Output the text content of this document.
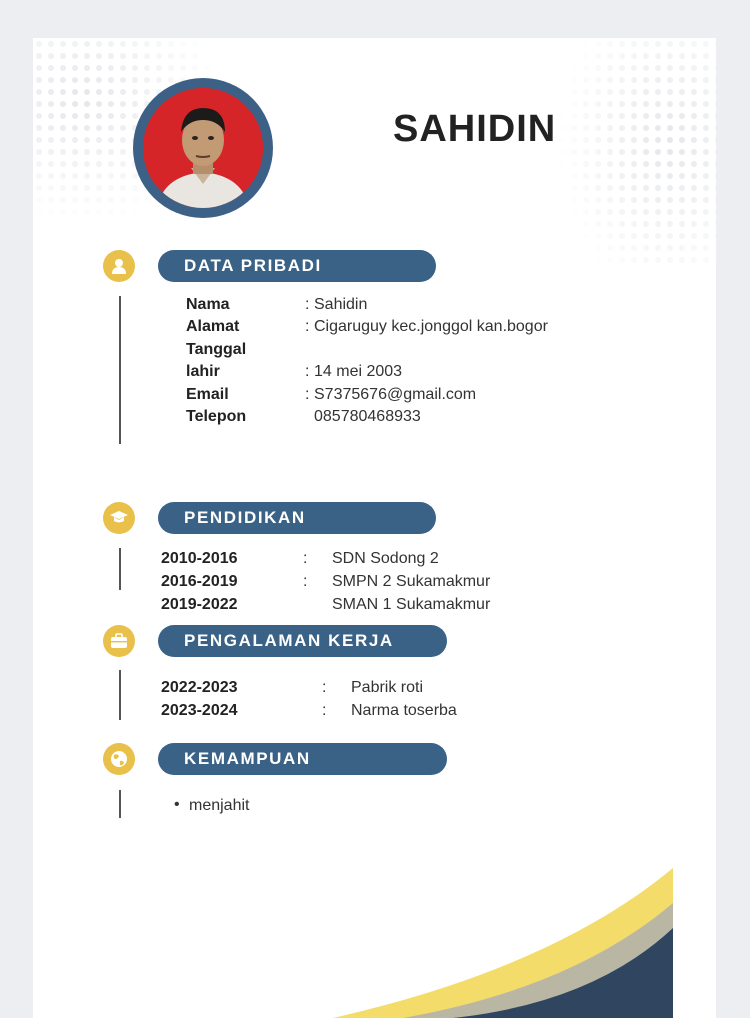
SAHIDIN
DATA PRIBADI
Nama	: Sahidin
Alamat	: Cigaruguy kec.jonggol kan.bogor
Tanggal
lahir	: 14 mei 2003
Email	: S7375676@gmail.com
Telepon	085780468933
PENDIDIKAN
2010-2016	: SDN Sodong 2
2016-2019	: SMPN 2 Sukamakmur
2019-2022	SMAN 1 Sukamakmur
PENGALAMAN KERJA
2022-2023	: Pabrik roti
2023-2024	: Narma toserba
KEMAMPUAN
• menjahit
